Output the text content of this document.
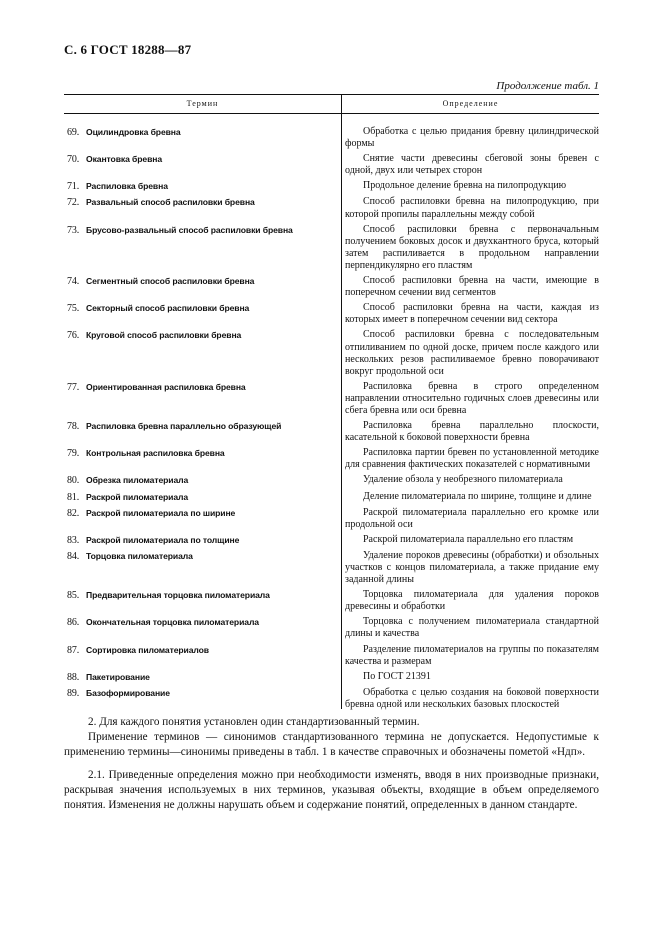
С. 6 ГОСТ 18288—87
Продолжение табл. 1
Термин	Определение
69. Оцилиндровка бревна	Обработка с целью придания бревну цилиндрической формы
70. Окантовка бревна	Снятие части древесины сбеговой зоны бревен с одной, двух или четырех сторон
71. Распиловка бревна	Продольное деление бревна на пилопродукцию
72. Развальный способ распиловки бревна	Способ распиловки бревна на пилопродукцию, при которой пропилы параллельны между собой
73. Брусово-развальный способ распиловки бревна	Способ распиловки бревна с первоначальным получением боковых досок и двухкантного бруса, который затем распиливается в продольном направлении перпендикулярно его пластям
74. Сегментный способ распиловки бревна	Способ распиловки бревна на части, имеющие в поперечном сечении вид сегментов
75. Секторный способ распиловки бревна	Способ распиловки бревна на части, каждая из которых имеет в поперечном сечении вид сектора
76. Круговой способ распиловки бревна	Способ распиловки бревна с последовательным отпиливанием по одной доске, причем после каждого или нескольких резов распиливаемое бревно поворачивают вокруг продольной оси
77. Ориентированная распиловка бревна	Распиловка бревна в строго определенном направлении относительно годичных слоев древесины или сбега бревна или оси бревна
78. Распиловка бревна параллельно образующей	Распиловка бревна параллельно плоскости, касательной к боковой поверхности бревна
79. Контрольная распиловка бревна	Распиловка партии бревен по установленной методике для сравнения фактических показателей с нормативными
80. Обрезка пиломатериала	Удаление обзола у необрезного пиломатериала
81. Раскрой пиломатериала	Деление пиломатериала по ширине, толщине и длине
82. Раскрой пиломатериала по ширине	Раскрой пиломатериала параллельно его кромке или продольной оси
83. Раскрой пиломатериала по толщине	Раскрой пиломатериала параллельно его пластям
84. Торцовка пиломатериала	Удаление пороков древесины (обработки) и обзольных участков с концов пиломатериала, а также придание ему заданной длины
85. Предварительная торцовка пиломатериала	Торцовка пиломатериала для удаления пороков древесины и обработки
86. Окончательная торцовка пиломатериала	Торцовка с получением пиломатериала стандартной длины и качества
87. Сортировка пиломатериалов	Разделение пиломатериалов на группы по показателям качества и размерам
88. Пакетирование	По ГОСТ 21391
89. Базоформирование	Обработка с целью создания на боковой поверхности бревна одной или нескольких базовых плоскостей

2. Для каждого понятия установлен один стандартизованный термин.

Применение терминов — синонимов стандартизованного термина не допускается. Недопустимые к применению термины—синонимы приведены в табл. 1 в качестве справочных и обозначены пометой «Ндп».

2.1. Приведенные определения можно при необходимости изменять, вводя в них производные признаки, раскрывая значения используемых в них терминов, указывая объекты, входящие в объем определяемого понятия. Изменения не должны нарушать объем и содержание понятий, определенных в данном стандарте.
